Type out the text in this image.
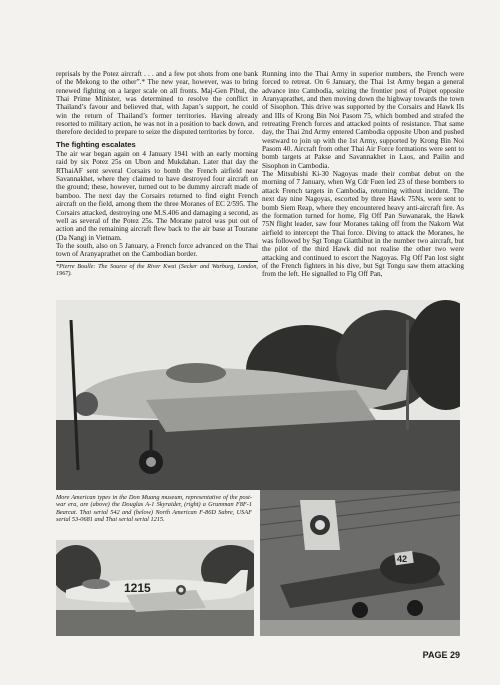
reprisals by the Potez aircraft . . . and a few pot shots from one bank of the Mekong to the other”.* The new year, however, was to bring renewed fighting on a larger scale on all fronts. Maj-Gen Pibul, the Thai Prime Minister, was determined to resolve the conflict in Thailand’s favour and believed that, with Japan’s support, he could win the return of Thailand’s former territories. Having already resorted to military action, he was not in a position to back down, and therefore decided to prepare to seize the disputed territories by force.

The fighting escalates

The air war began again on 4 January 1941 with an early morning raid by six Potez 25s on Ubon and Mukdahan. Later that day the RThaiAF sent several Corsairs to bomb the French airfield near Savannakhet, where they claimed to have destroyed four aircraft on the ground; these, however, turned out to be dummy aircraft made of bamboo. The next day the Corsairs returned to find eight French aircraft on the field, among them the three Moranes of EC 2/595. The Corsairs attacked, destroying one M.S.406 and damaging a second, as well as several of the Potez 25s. The Morane patrol was put out of action and the remaining aircraft flew back to the air base at Tourane (Da Nang) in Vietnam.

To the south, also on 5 January, a French force advanced on the Thai town of Aranyaprathet on the Cambodian border.

*Pierre Boulle: The Source of the River Kwai (Secker and Warburg, London, 1967).

Running into the Thai Army in superior numbers, the French were forced to retreat. On 6 January, the Thai 1st Army began a general advance into Cambodia, seizing the frontier post of Poipet opposite Aranyaprathet, and then moving down the highway towards the town of Sisophon. This drive was supported by the Corsairs and Hawk IIs and IIIs of Krong Bin Noi Pasom 75, which bombed and strafed the retreating French forces and attacked points of resistance. That same day, the Thai 2nd Army entered Cambodia opposite Ubon and pushed westward to join up with the 1st Army, supported by Krong Bin Noi Pasom 40. Aircraft from other Thai Air Force formations were sent to bomb targets at Pakse and Savannakhet in Laos, and Pailin and Sisophon in Cambodia.

The Mitsubishi Ki-30 Nagoyas made their combat debut on the morning of 7 January, when Wg Cdr Fuen led 23 of these bombers to attack French targets in Cambodia, returning without incident. The next day nine Nagoyas, escorted by three Hawk 75Ns, were sent to bomb Siem Reap, where they encountered heavy anti-aircraft fire. As the formation turned for home, Flg Off Pan Suwanarak, the Hawk 75N flight leader, saw four Moranes taking off from the Nakorn Wat airfield to intercept the Thai force. Diving to attack the Moranes, he was followed by Sgt Tongu Giatthibut in the number two aircraft, but the pilot of the third Hawk did not realise the other two were attacking and continued to escort the Nagoyas. Flg Off Pan lost sight of the French fighters in his dive, but Sgt Tongu saw them attacking from the left. He signalled to Flg Off Pan,

42
More American types in the Don Muang museum, representative of the post-war era, are (above) the Douglas A-1 Skyraider, (right) a Grumman F8F-1 Bearcat. Thai serial 542 and (below) North American F-86D Sabre, USAF serial 53-0681 and Thai serial serial 1215.
1215
PAGE 29
